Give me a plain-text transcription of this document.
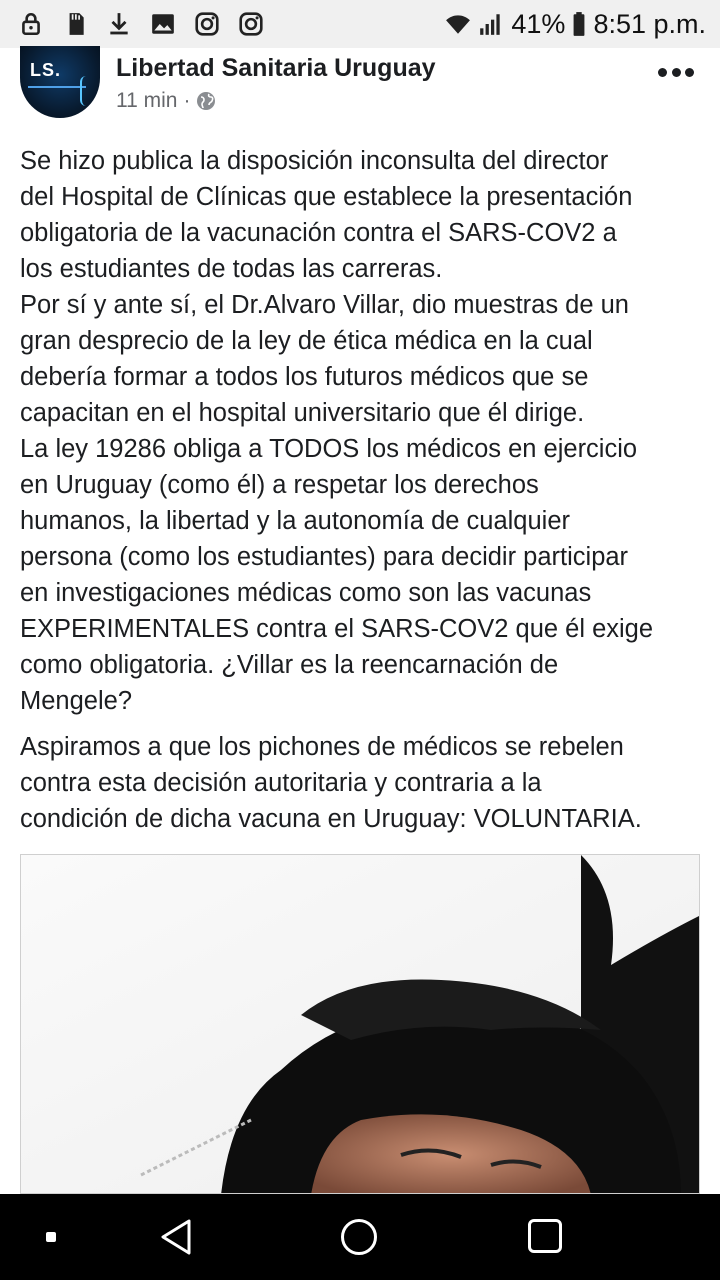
41% 8:51 p.m.
LS. Libertad Sanitaria Uruguay
11 min ·

Se hizo publica la disposición inconsulta del director
del Hospital de Clínicas que establece la presentación
obligatoria de la vacunación contra el SARS-COV2 a
los estudiantes de todas las carreras.
Por sí y ante sí, el Dr.Alvaro Villar, dio muestras de un
gran desprecio de la ley de ética médica en la cual
debería formar a todos los futuros médicos que se
capacitan en el hospital universitario que él dirige.
La ley 19286 obliga a TODOS los médicos en ejercicio
en Uruguay (como él) a respetar los derechos
humanos, la libertad y la autonomía de cualquier
persona (como los estudiantes) para decidir participar
en investigaciones médicas como son las vacunas
EXPERIMENTALES contra el SARS-COV2 que él exige
como obligatoria. ¿Villar es la reencarnación de
Mengele?

Aspiramos a que los pichones de médicos se rebelen
contra esta decisión autoritaria y contraria a la
condición de dicha vacuna en Uruguay: VOLUNTARIA.
